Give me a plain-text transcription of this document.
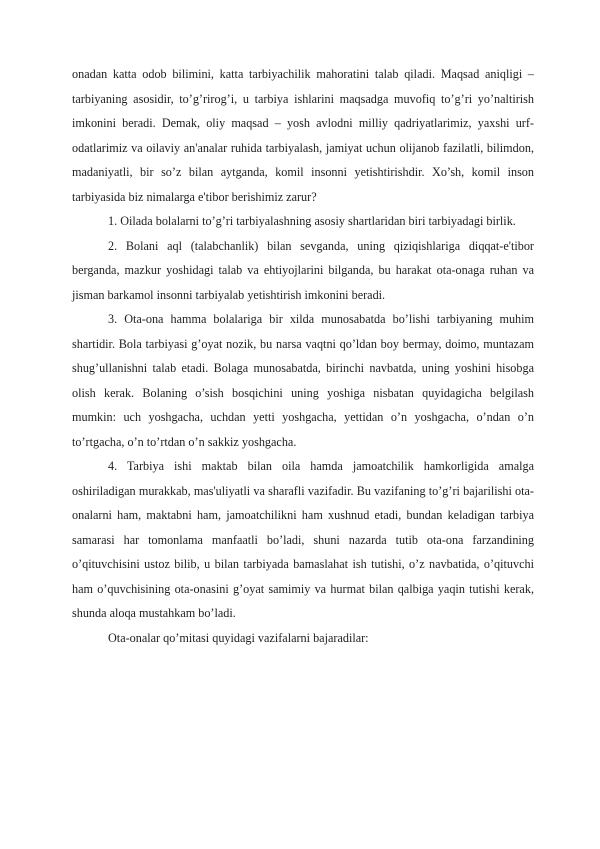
onadan katta odob bilimini, katta tarbiyachilik mahoratini talab qiladi. Maqsad aniqligi – tarbiyaning asosidir, to’g’rirog’i, u tarbiya ishlarini maqsadga muvofiq to’g’ri yo’naltirish imkonini beradi. Demak, oliy maqsad – yosh avlodni milliy qadriyatlarimiz, yaxshi urf-odatlarimiz va oilaviy an'analar ruhida tarbiyalash, jamiyat uchun olijanob fazilatli, bilimdon, madaniyatli, bir so’z bilan aytganda, komil insonni yetishtirishdir. Xo’sh, komil inson tarbiyasida biz nimalarga e'tibor berishimiz zarur?

1. Oilada bolalarni to’g’ri tarbiyalashning asosiy shartlaridan biri tarbiyadagi birlik.

2. Bolani aql (talabchanlik) bilan sevganda, uning qiziqishlariga diqqat-e'tibor berganda, mazkur yoshidagi talab va ehtiyojlarini bilganda, bu harakat ota-onaga ruhan va jisman barkamol insonni tarbiyalab yetishtirish imkonini beradi.

3. Ota-ona hamma bolalariga bir xilda munosabatda bo’lishi tarbiyaning muhim shartidir. Bola tarbiyasi g’oyat nozik, bu narsa vaqtni qo’ldan boy bermay, doimo, muntazam shug’ullanishni talab etadi. Bolaga munosabatda, birinchi navbatda, uning yoshini hisobga olish kerak. Bolaning o’sish bosqichini uning yoshiga nisbatan quyidagicha belgilash mumkin: uch yoshgacha, uchdan yetti yoshgacha, yettidan o’n yoshgacha, o’ndan o’n to’rtgacha, o’n to’rtdan o’n sakkiz yoshgacha.

4. Tarbiya ishi maktab bilan oila hamda jamoatchilik hamkorligida amalga oshiriladigan murakkab, mas'uliyatli va sharafli vazifadir. Bu vazifaning to’g’ri bajarilishi ota-onalarni ham, maktabni ham, jamoatchilikni ham xushnud etadi, bundan keladigan tarbiya samarasi har tomonlama manfaatli bo’ladi, shuni nazarda tutib ota-ona farzandining o’qituvchisini ustoz bilib, u bilan tarbiyada bamaslahat ish tutishi, o’z navbatida, o’qituvchi ham o’quvchisining ota-onasini g’oyat samimiy va hurmat bilan qalbiga yaqin tutishi kerak, shunda aloqa mustahkam bo’ladi.

Ota-onalar qo’mitasi quyidagi vazifalarni bajaradilar:
